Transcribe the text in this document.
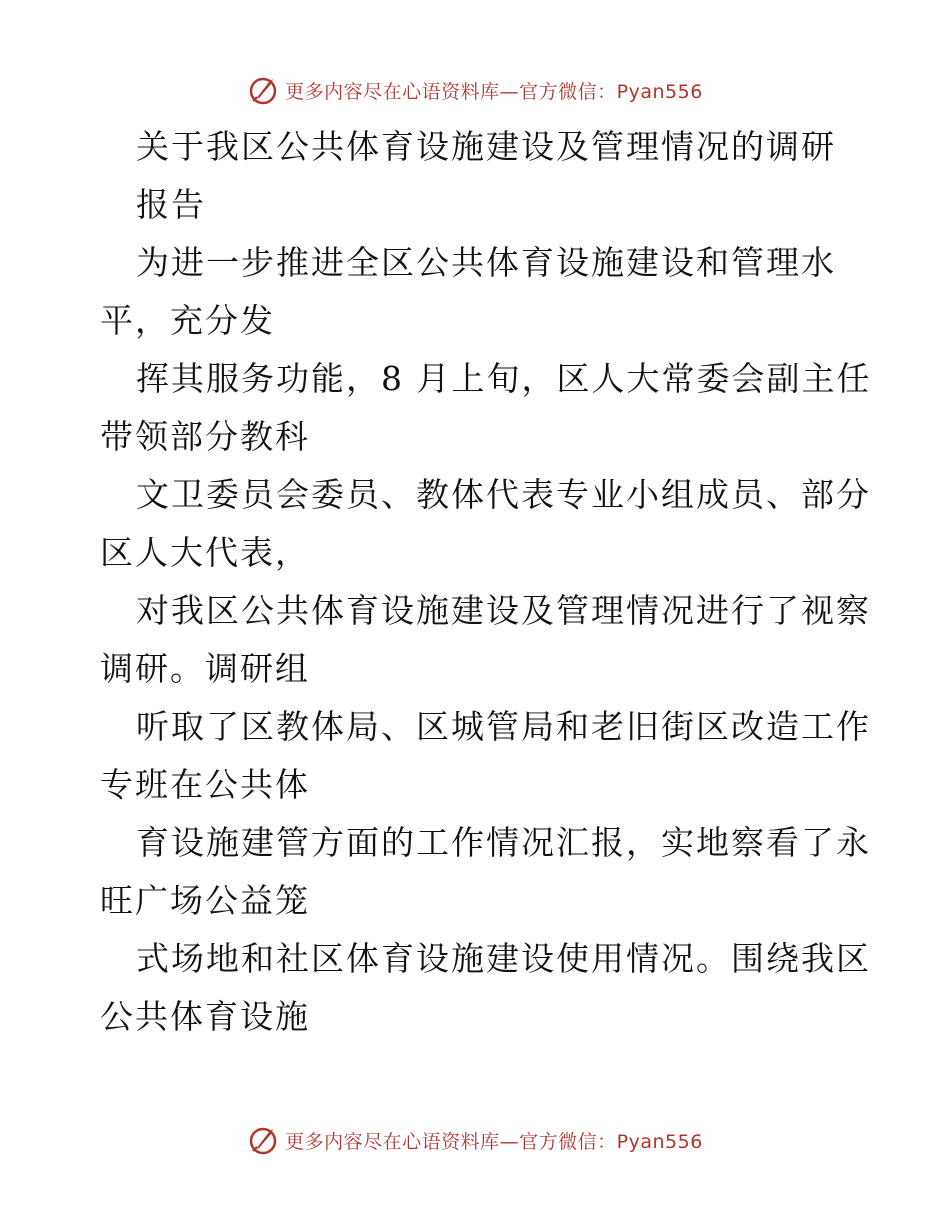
更多内容尽在心语资料库—官方微信：Pyan556
关于我区公共体育设施建设及管理情况的调研
报告
为进一步推进全区公共体育设施建设和管理水
平，充分发
挥其服务功能，8 月上旬，区人大常委会副主任
带领部分教科
文卫委员会委员、教体代表专业小组成员、部分
区人大代表，
对我区公共体育设施建设及管理情况进行了视察
调研。调研组
听取了区教体局、区城管局和老旧街区改造工作
专班在公共体
育设施建管方面的工作情况汇报，实地察看了永
旺广场公益笼
式场地和社区体育设施建设使用情况。围绕我区
公共体育设施
更多内容尽在心语资料库—官方微信：Pyan556
